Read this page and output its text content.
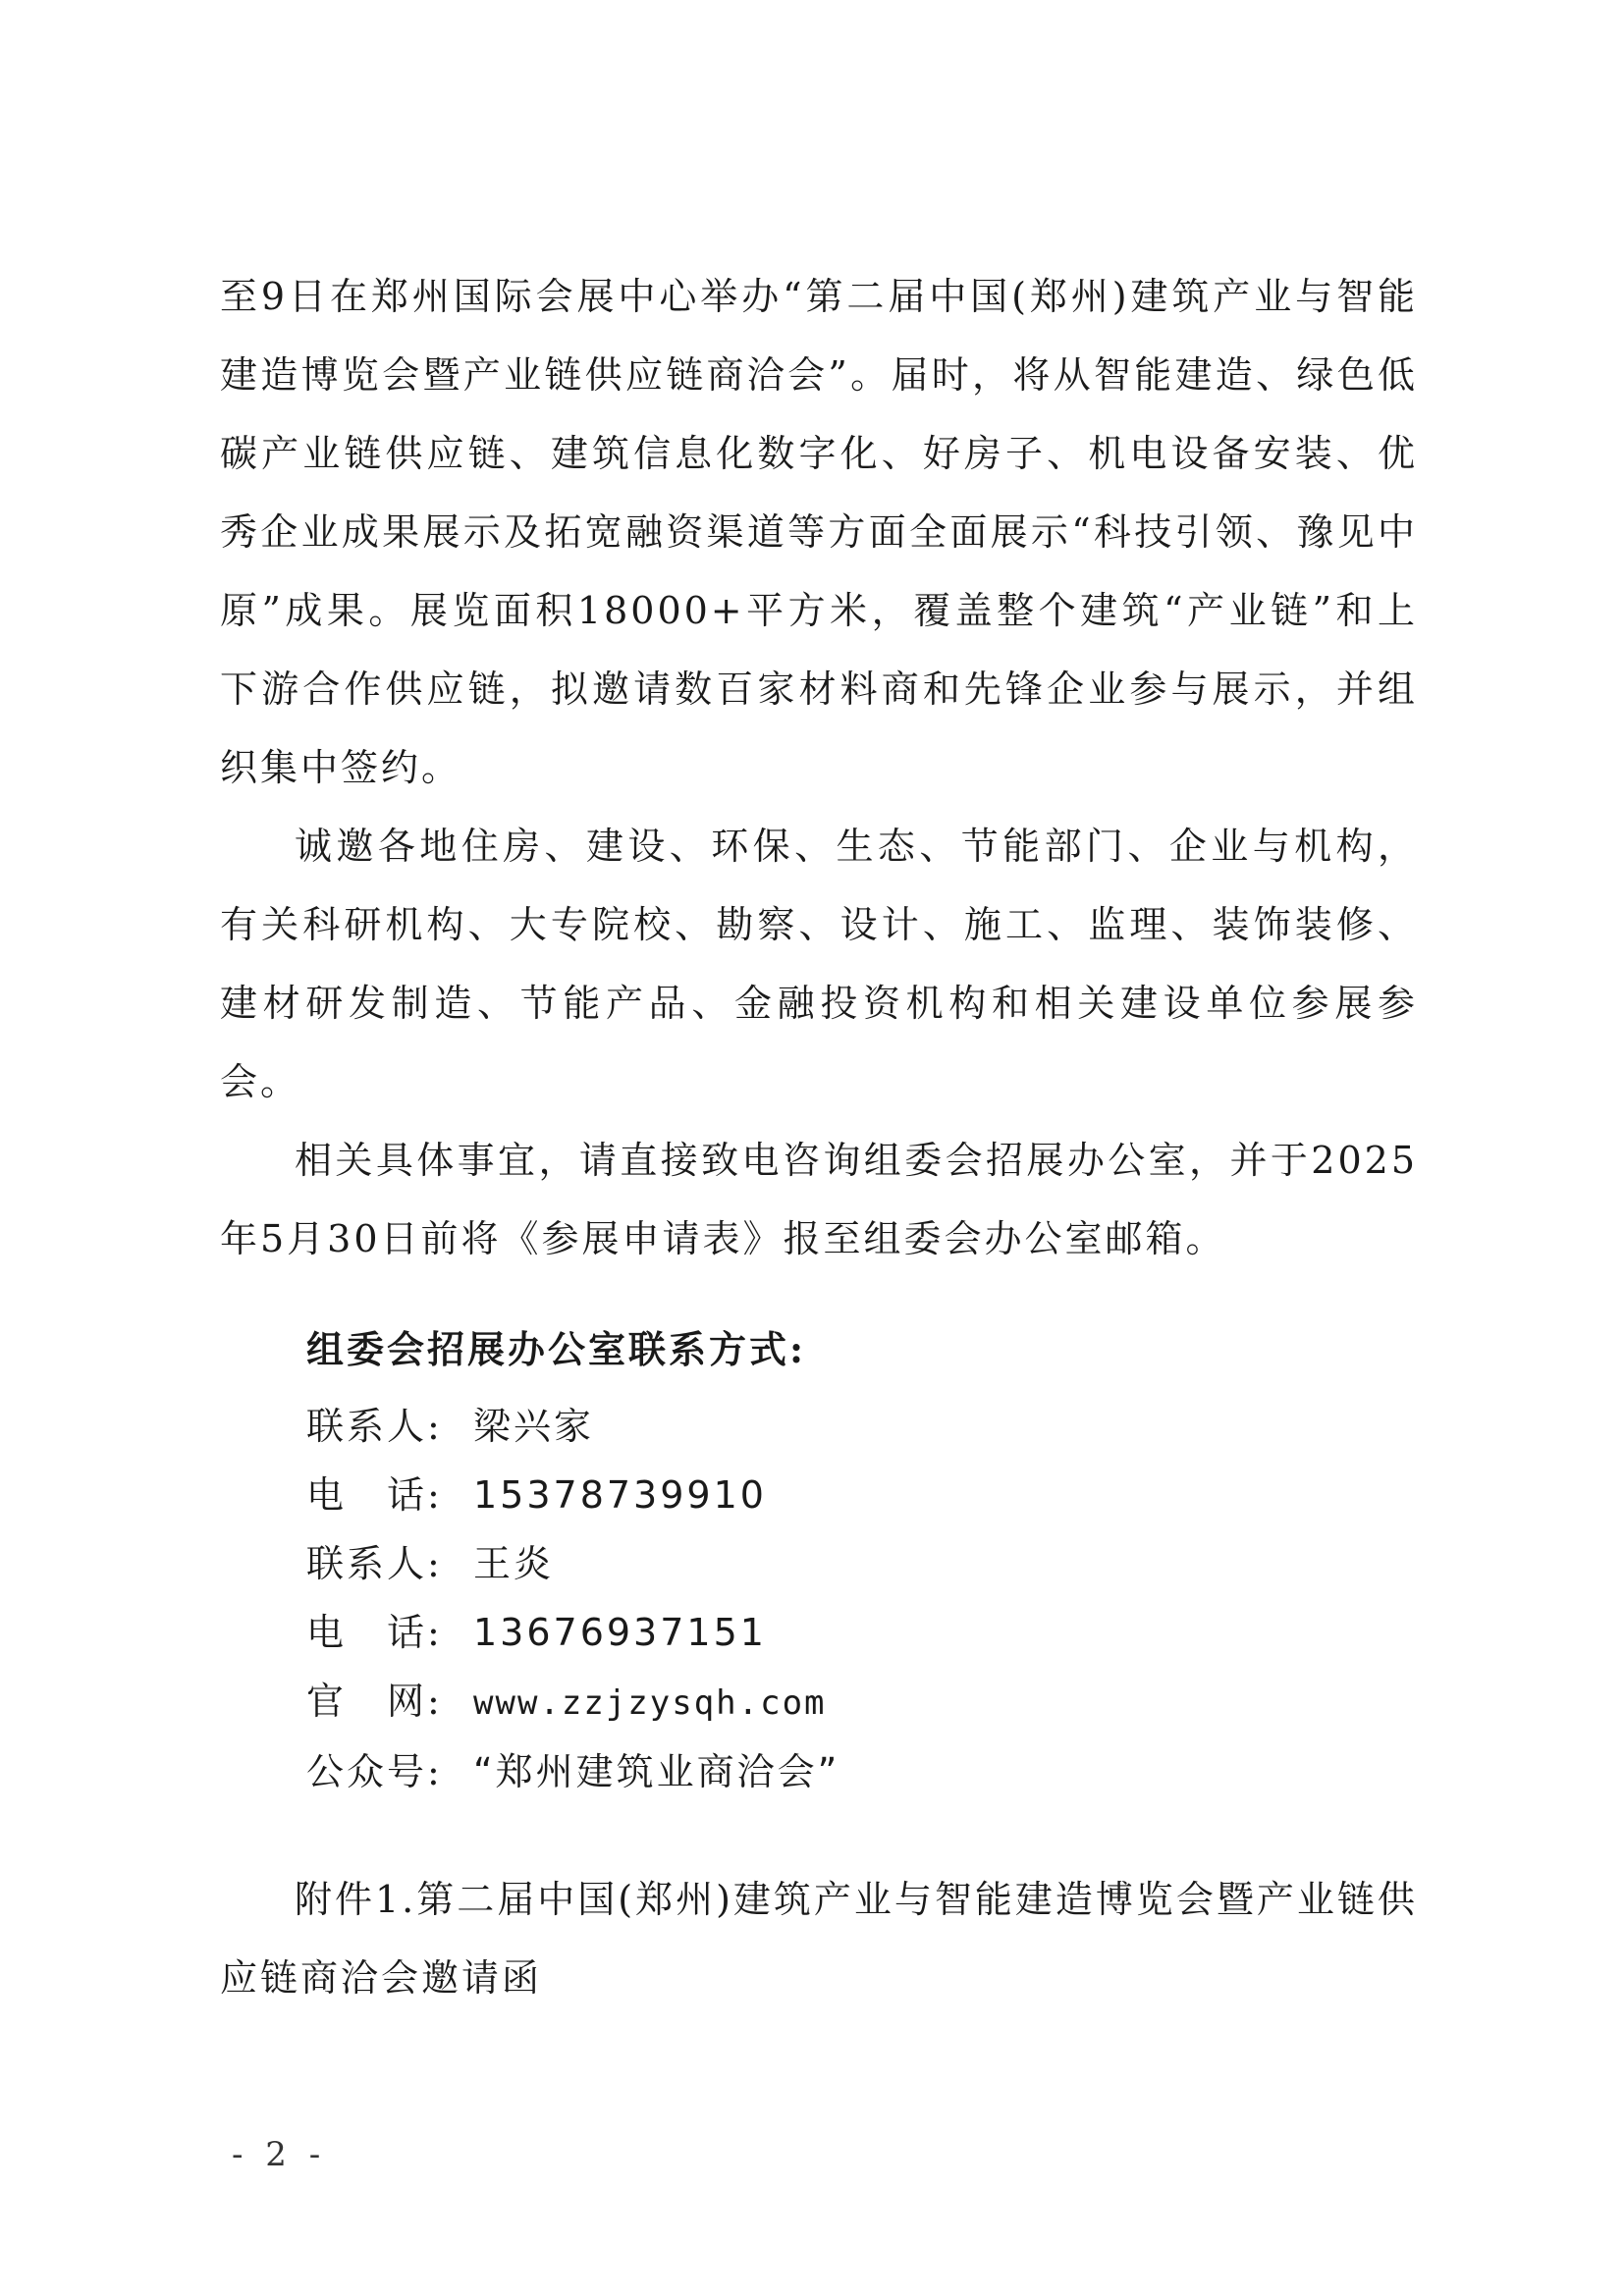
至9日在郑州国际会展中心举办“第二届中国(郑州)建筑产业与智能建造博览会暨产业链供应链商洽会”。届时，将从智能建造、绿色低碳产业链供应链、建筑信息化数字化、好房子、机电设备安装、优秀企业成果展示及拓宽融资渠道等方面全面展示“科技引领、豫见中原”成果。展览面积18000+平方米，覆盖整个建筑“产业链”和上下游合作供应链，拟邀请数百家材料商和先锋企业参与展示，并组织集中签约。

诚邀各地住房、建设、环保、生态、节能部门、企业与机构，有关科研机构、大专院校、勘察、设计、施工、监理、装饰装修、建材研发制造、节能产品、金融投资机构和相关建设单位参展参会。

相关具体事宜，请直接致电咨询组委会招展办公室，并于2025年5月30日前将《参展申请表》报至组委会办公室邮箱。

组委会招展办公室联系方式:
联系人: 梁兴家
电　话: 15378739910
联系人: 王炎
电　话: 13676937151
官　网: www.zzjzysqh.com
公众号: “郑州建筑业商洽会”
附件1.第二届中国(郑州)建筑产业与智能建造博览会暨产业链供应链商洽会邀请函
- 2 -
